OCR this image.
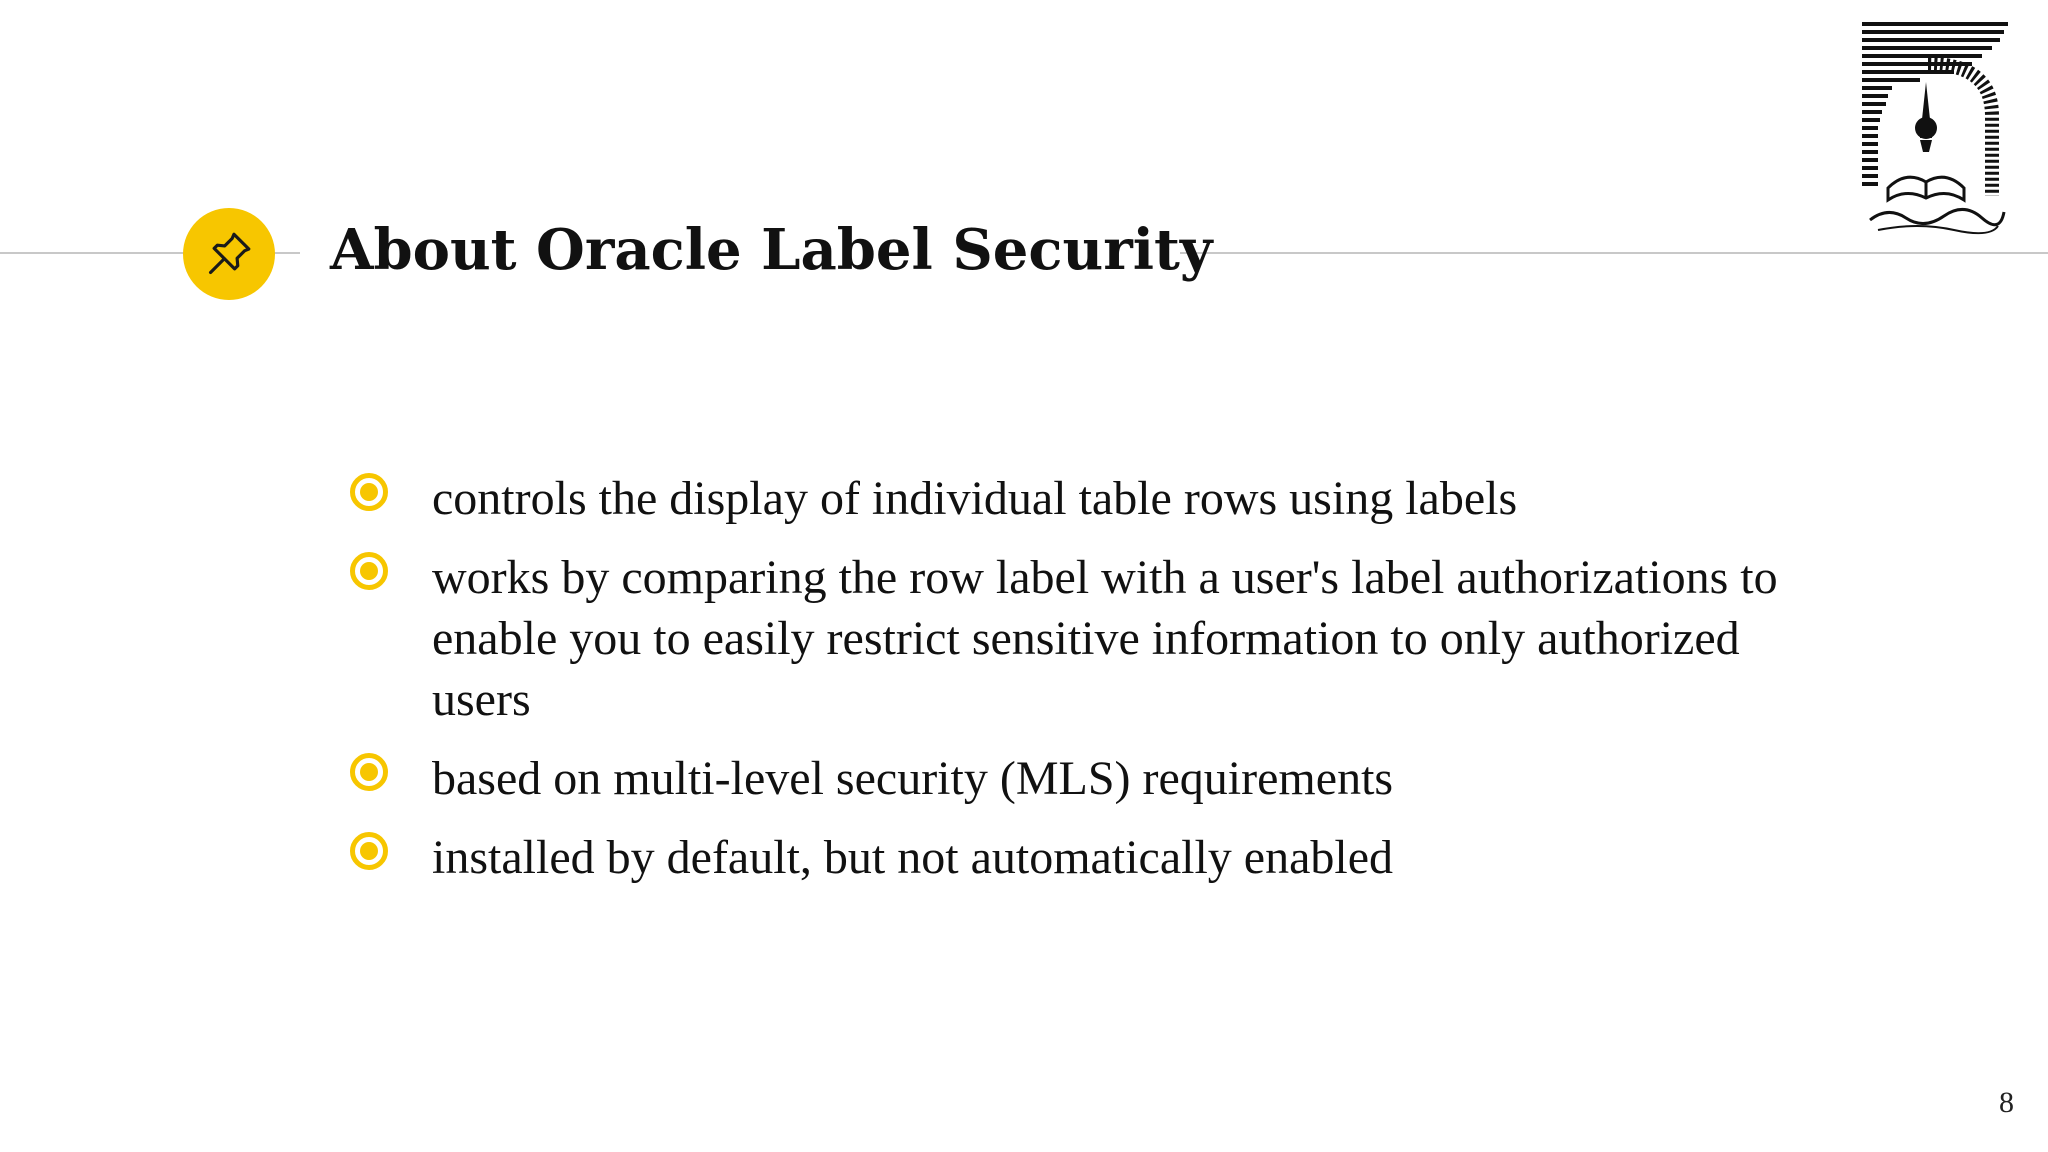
About Oracle Label Security
controls the display of individual table rows using labels
works by comparing the row label with a user's label authorizations to enable you to easily restrict sensitive information to only authorized users
based on multi-level security (MLS) requirements
installed by default, but not automatically enabled
8
